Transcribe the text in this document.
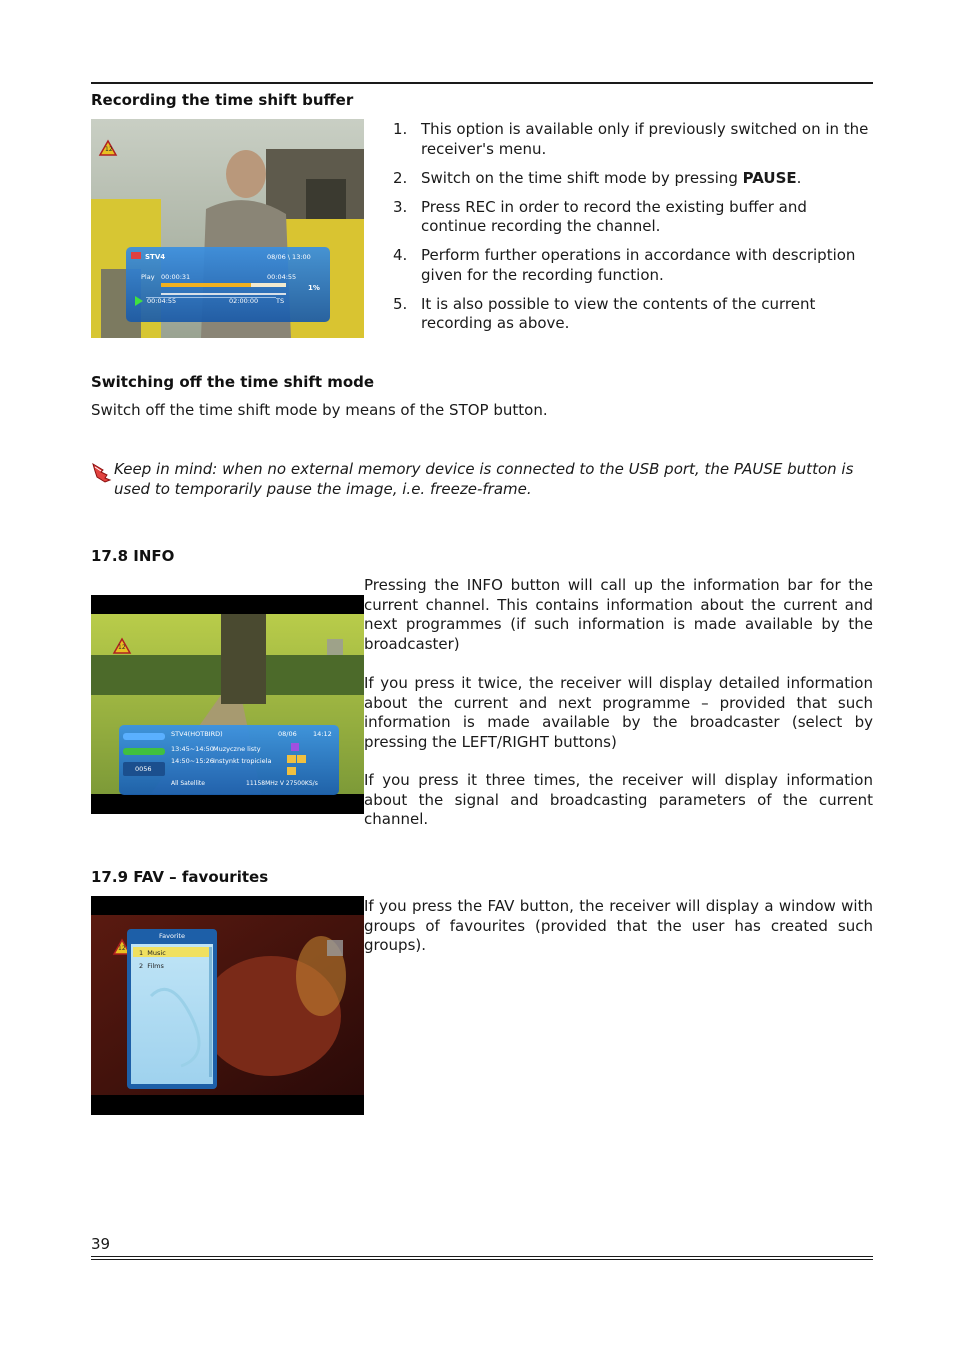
Recording the time shift buffer
12
STV4	08/06 \ 13:00
Play 00:00:31	00:04:55
1%
00:04:55	02:00:00	TS
1. This option is available only if previously switched on in the receiver's menu.
2. Switch on the time shift mode by pressing PAUSE.
3. Press REC in order to record the existing buffer and continue recording the channel.
4. Perform further operations in accordance with description given for the recording function.
5. It is also possible to view the contents of the current recording as above.
Switching off the time shift mode

Switch off the time shift mode by means of the STOP button.

Keep in mind: when no external memory device is connected to the USB port, the PAUSE button is used to temporarily pause the image, i.e. freeze-frame.
17.8 INFO
12
STV4(HOTBIRD)	08/06	14:12
13:45~14:50 Muzyczne listy
14:50~15:26 Instynkt tropiciela
0056
All Satellite	11158MHz V 27500KS/s

Pressing the INFO button will call up the information bar for the current channel. This contains information about the current and next programmes (if such information is made available by the broadcaster)

If you press it twice, the receiver will display detailed information about the current and next programme – provided that such information is made available by the broadcaster (select by pressing the LEFT/RIGHT buttons)

If you press it three times, the receiver will display information about the signal and broadcasting parameters of the current channel.

17.9 FAV – favourites
12
Favorite
1  Music
2  Films

If you press the FAV button, the receiver will display a window with groups of favourites (provided that the user has created such groups).

39
